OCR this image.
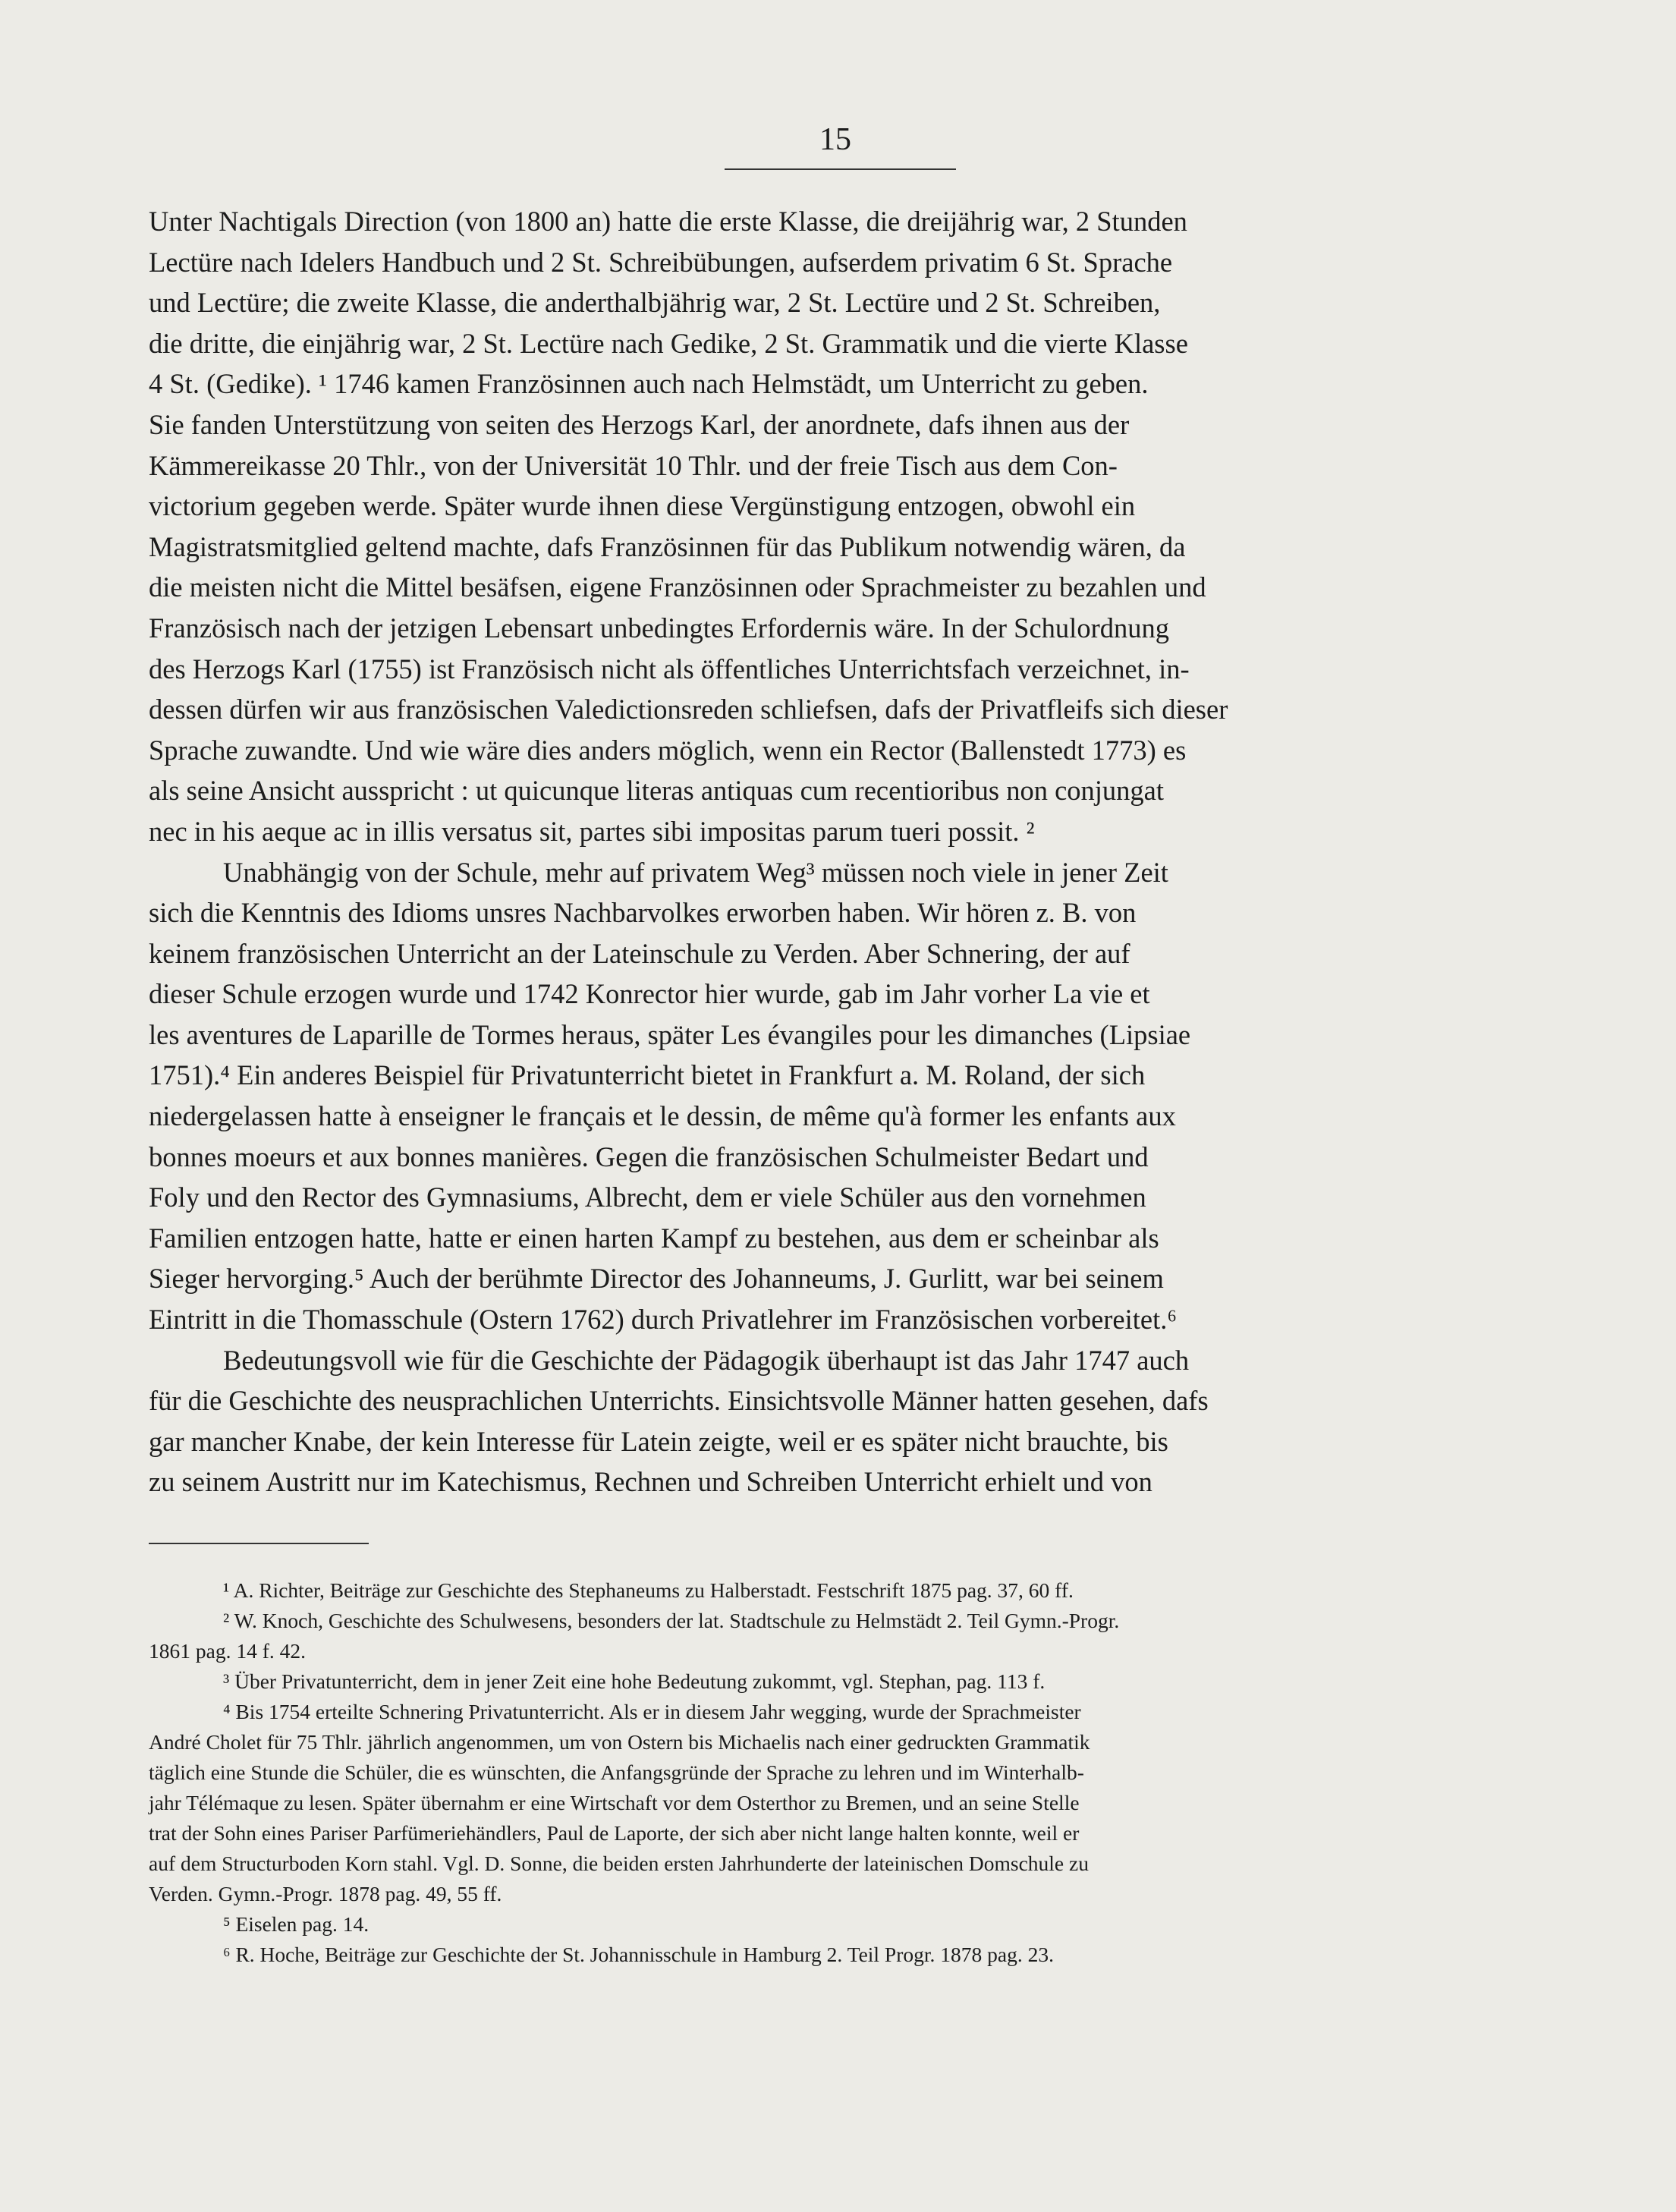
15

Unter Nachtigals Direction (von 1800 an) hatte die erste Klasse, die dreijährig war, 2 Stunden
Lectüre nach Idelers Handbuch und 2 St. Schreibübungen, aufserdem privatim 6 St. Sprache
und Lectüre; die zweite Klasse, die anderthalbjährig war, 2 St. Lectüre und 2 St. Schreiben,
die dritte, die einjährig war, 2 St. Lectüre nach Gedike, 2 St. Grammatik und die vierte Klasse
4 St. (Gedike). ¹ 1746 kamen Französinnen auch nach Helmstädt, um Unterricht zu geben.
Sie fanden Unterstützung von seiten des Herzogs Karl, der anordnete, dafs ihnen aus der
Kämmereikasse 20 Thlr., von der Universität 10 Thlr. und der freie Tisch aus dem Con-
victorium gegeben werde. Später wurde ihnen diese Vergünstigung entzogen, obwohl ein
Magistratsmitglied geltend machte, dafs Französinnen für das Publikum notwendig wären, da
die meisten nicht die Mittel besäfsen, eigene Französinnen oder Sprachmeister zu bezahlen und
Französisch nach der jetzigen Lebensart unbedingtes Erfordernis wäre. In der Schulordnung
des Herzogs Karl (1755) ist Französisch nicht als öffentliches Unterrichtsfach verzeichnet, in-
dessen dürfen wir aus französischen Valedictionsreden schliefsen, dafs der Privatfleifs sich dieser
Sprache zuwandte. Und wie wäre dies anders möglich, wenn ein Rector (Ballenstedt 1773) es
als seine Ansicht ausspricht : ut quicunque literas antiquas cum recentioribus non conjungat
nec in his aeque ac in illis versatus sit, partes sibi impositas parum tueri possit. ²

Unabhängig von der Schule, mehr auf privatem Weg³ müssen noch viele in jener Zeit
sich die Kenntnis des Idioms unsres Nachbarvolkes erworben haben. Wir hören z. B. von
keinem französischen Unterricht an der Lateinschule zu Verden. Aber Schnering, der auf
dieser Schule erzogen wurde und 1742 Konrector hier wurde, gab im Jahr vorher La vie et
les aventures de Laparille de Tormes heraus, später Les évangiles pour les dimanches (Lipsiae
1751).⁴ Ein anderes Beispiel für Privatunterricht bietet in Frankfurt a. M. Roland, der sich
niedergelassen hatte à enseigner le français et le dessin, de même qu'à former les enfants aux
bonnes moeurs et aux bonnes manières. Gegen die französischen Schulmeister Bedart und
Foly und den Rector des Gymnasiums, Albrecht, dem er viele Schüler aus den vornehmen
Familien entzogen hatte, hatte er einen harten Kampf zu bestehen, aus dem er scheinbar als
Sieger hervorging.⁵ Auch der berühmte Director des Johanneums, J. Gurlitt, war bei seinem
Eintritt in die Thomasschule (Ostern 1762) durch Privatlehrer im Französischen vorbereitet.⁶

Bedeutungsvoll wie für die Geschichte der Pädagogik überhaupt ist das Jahr 1747 auch
für die Geschichte des neusprachlichen Unterrichts. Einsichtsvolle Männer hatten gesehen, dafs
gar mancher Knabe, der kein Interesse für Latein zeigte, weil er es später nicht brauchte, bis
zu seinem Austritt nur im Katechismus, Rechnen und Schreiben Unterricht erhielt und von

¹ A. Richter, Beiträge zur Geschichte des Stephaneums zu Halberstadt. Festschrift 1875 pag. 37, 60 ff.

² W. Knoch, Geschichte des Schulwesens, besonders der lat. Stadtschule zu Helmstädt 2. Teil Gymn.-Progr.
1861 pag. 14 f. 42.

³ Über Privatunterricht, dem in jener Zeit eine hohe Bedeutung zukommt, vgl. Stephan, pag. 113 f.

⁴ Bis 1754 erteilte Schnering Privatunterricht. Als er in diesem Jahr wegging, wurde der Sprachmeister
André Cholet für 75 Thlr. jährlich angenommen, um von Ostern bis Michaelis nach einer gedruckten Grammatik
täglich eine Stunde die Schüler, die es wünschten, die Anfangsgründe der Sprache zu lehren und im Winterhalb-
jahr Télémaque zu lesen. Später übernahm er eine Wirtschaft vor dem Osterthor zu Bremen, und an seine Stelle
trat der Sohn eines Pariser Parfümeriehändlers, Paul de Laporte, der sich aber nicht lange halten konnte, weil er
auf dem Structurboden Korn stahl. Vgl. D. Sonne, die beiden ersten Jahrhunderte der lateinischen Domschule zu
Verden. Gymn.-Progr. 1878 pag. 49, 55 ff.

⁵ Eiselen pag. 14.

⁶ R. Hoche, Beiträge zur Geschichte der St. Johannisschule in Hamburg 2. Teil Progr. 1878 pag. 23.
